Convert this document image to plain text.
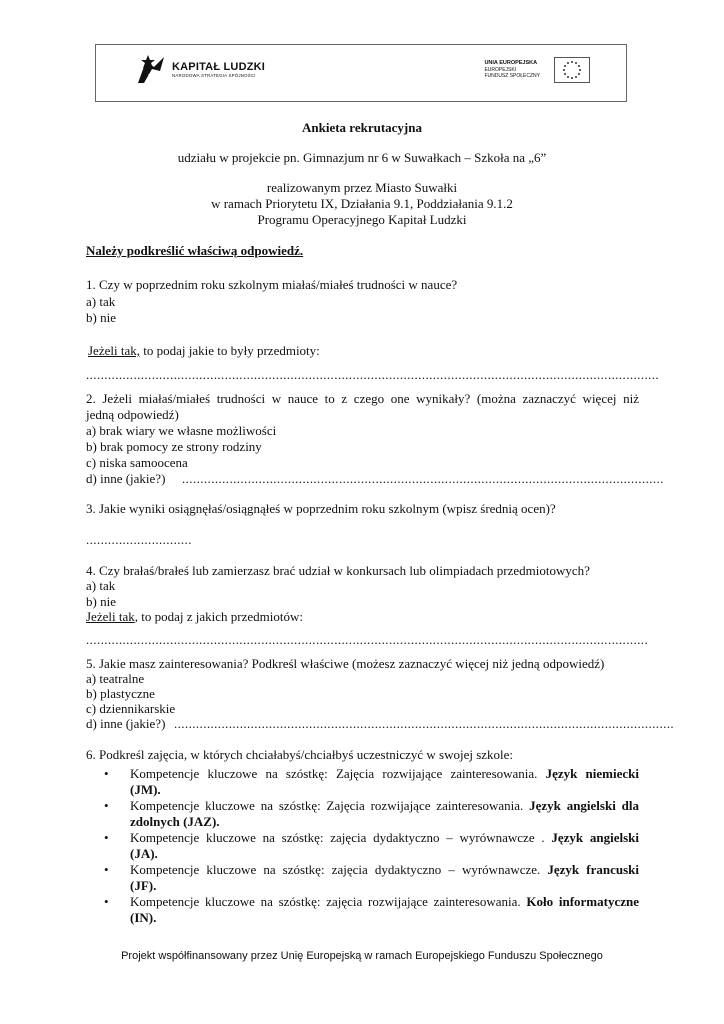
KAPITAŁ LUDZKI
NARODOWA STRATEGIA SPÓJNOŚCI
UNIA EUROPEJSKA
EUROPEJSKI
FUNDUSZ SPOŁECZNY
Ankieta rekrutacyjna
udziału w projekcie pn. Gimnazjum nr 6 w Suwałkach – Szkoła na „6”
realizowanym przez Miasto Suwałki
w ramach Priorytetu IX, Działania 9.1, Poddziałania 9.1.2
Programu Operacyjnego Kapitał Ludzki
Należy podkreślić właściwą odpowiedź.
1. Czy w poprzednim roku szkolnym miałaś/miałeś trudności w nauce?
a) tak
b) nie
Jeżeli tak, to podaj jakie to były przedmioty:
.............................................................................................................................................................
2. Jeżeli miałaś/miałeś trudności w nauce to z czego one wynikały? (można zaznaczyć więcej niż
jedną odpowiedź)
a) brak wiary we własne możliwości
b) brak pomocy ze strony rodziny
c) niska samoocena
d) inne (jakie?) ....................................................................................................................................
3. Jakie wyniki osiągnęłaś/osiągnąłeś w poprzednim roku szkolnym (wpisz średnią ocen)?
.............................
4. Czy brałaś/brałeś lub zamierzasz brać udział w konkursach lub olimpiadach przedmiotowych?
a) tak
b) nie
Jeżeli tak, to podaj z jakich przedmiotów:
..........................................................................................................................................................
5. Jakie masz zainteresowania? Podkreśl właściwe (możesz zaznaczyć więcej niż jedną odpowiedź)
a) teatralne
b) plastyczne
c) dziennikarskie
d) inne (jakie?) .........................................................................................................................................
6. Podkreśl zajęcia, w których chciałabyś/chciałbyś uczestniczyć w swojej szkole:
• Kompetencje kluczowe na szóstkę: Zajęcia rozwijające zainteresowania. Język niemiecki
(JM).
• Kompetencje kluczowe na szóstkę: Zajęcia rozwijające zainteresowania. Język angielski dla
zdolnych (JAZ).
• Kompetencje kluczowe na szóstkę: zajęcia dydaktyczno – wyrównawcze . Język angielski
(JA).
• Kompetencje kluczowe na szóstkę: zajęcia dydaktyczno – wyrównawcze. Język francuski
(JF).
• Kompetencje kluczowe na szóstkę: zajęcia rozwijające zainteresowania. Koło informatyczne
(IN).
Projekt współfinansowany przez Unię Europejską w ramach Europejskiego Funduszu Społecznego
